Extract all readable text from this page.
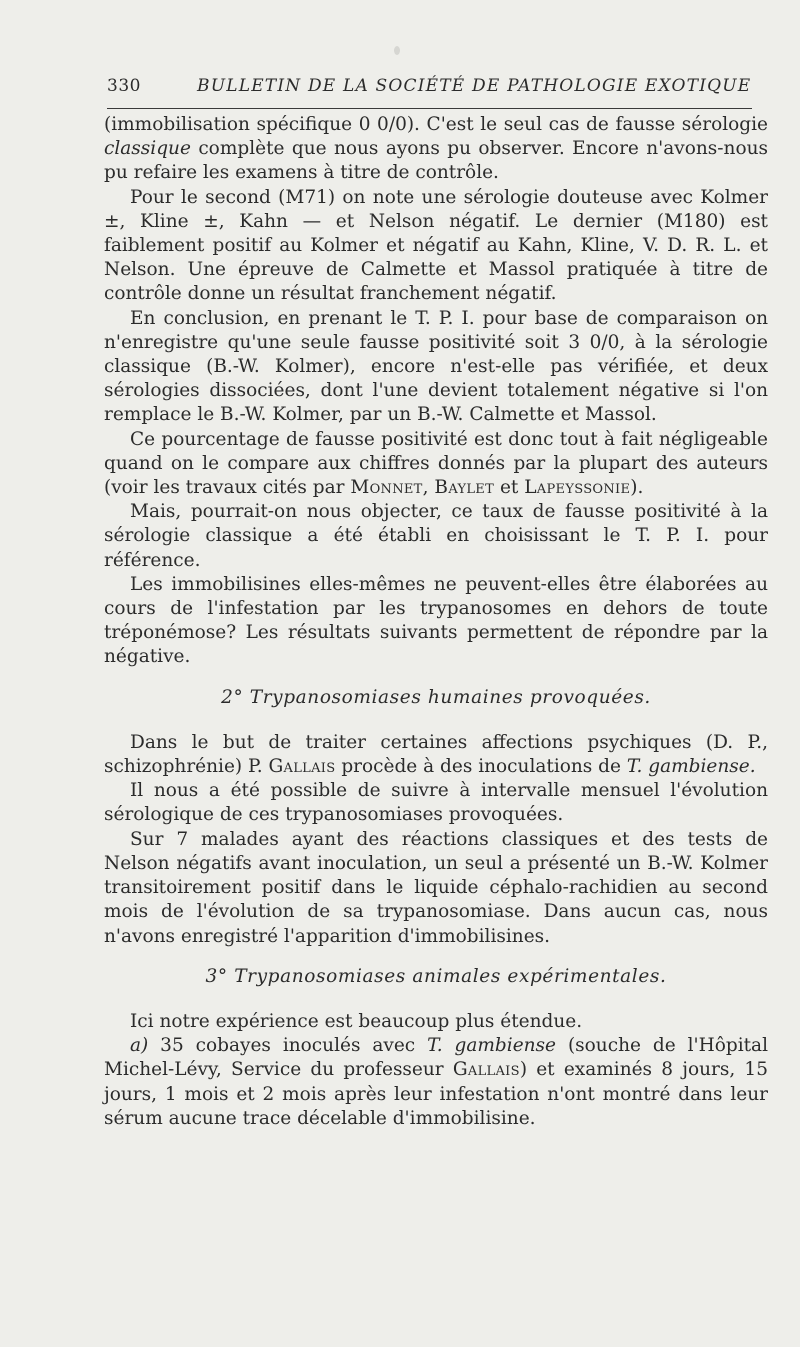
330	BULLETIN DE LA SOCIÉTÉ DE PATHOLOGIE EXOTIQUE

(immobilisation spécifique 0 0/0). C'est le seul cas de fausse sérologie classique complète que nous ayons pu observer. Encore n'avons-nous pu refaire les examens à titre de contrôle.

Pour le second (M71) on note une sérologie douteuse avec Kolmer ±, Kline ±, Kahn — et Nelson négatif. Le dernier (M180) est faiblement positif au Kolmer et négatif au Kahn, Kline, V. D. R. L. et Nelson. Une épreuve de Calmette et Massol pratiquée à titre de contrôle donne un résultat franchement négatif.

En conclusion, en prenant le T. P. I. pour base de comparaison on n'enregistre qu'une seule fausse positivité soit 3 0/0, à la sérologie classique (B.-W. Kolmer), encore n'est-elle pas vérifiée, et deux sérologies dissociées, dont l'une devient totalement négative si l'on remplace le B.-W. Kolmer, par un B.-W. Calmette et Massol.

Ce pourcentage de fausse positivité est donc tout à fait négligeable quand on le compare aux chiffres donnés par la plupart des auteurs (voir les travaux cités par Monnet, Baylet et Lapeyssonie).

Mais, pourrait-on nous objecter, ce taux de fausse positivité à la sérologie classique a été établi en choisissant le T. P. I. pour référence.

Les immobilisines elles-mêmes ne peuvent-elles être élaborées au cours de l'infestation par les trypanosomes en dehors de toute tréponémose? Les résultats suivants permettent de répondre par la négative.

2° Trypanosomiases humaines provoquées.

Dans le but de traiter certaines affections psychiques (D. P., schizophrénie) P. Gallais procède à des inoculations de T. gambiense.

Il nous a été possible de suivre à intervalle mensuel l'évolution sérologique de ces trypanosomiases provoquées.

Sur 7 malades ayant des réactions classiques et des tests de Nelson négatifs avant inoculation, un seul a présenté un B.-W. Kolmer transitoirement positif dans le liquide céphalo-rachidien au second mois de l'évolution de sa trypanosomiase. Dans aucun cas, nous n'avons enregistré l'apparition d'immobilisines.

3° Trypanosomiases animales expérimentales.

Ici notre expérience est beaucoup plus étendue.

a) 35 cobayes inoculés avec T. gambiense (souche de l'Hôpital Michel-Lévy, Service du professeur Gallais) et examinés 8 jours, 15 jours, 1 mois et 2 mois après leur infestation n'ont montré dans leur sérum aucune trace décelable d'immobilisine.
